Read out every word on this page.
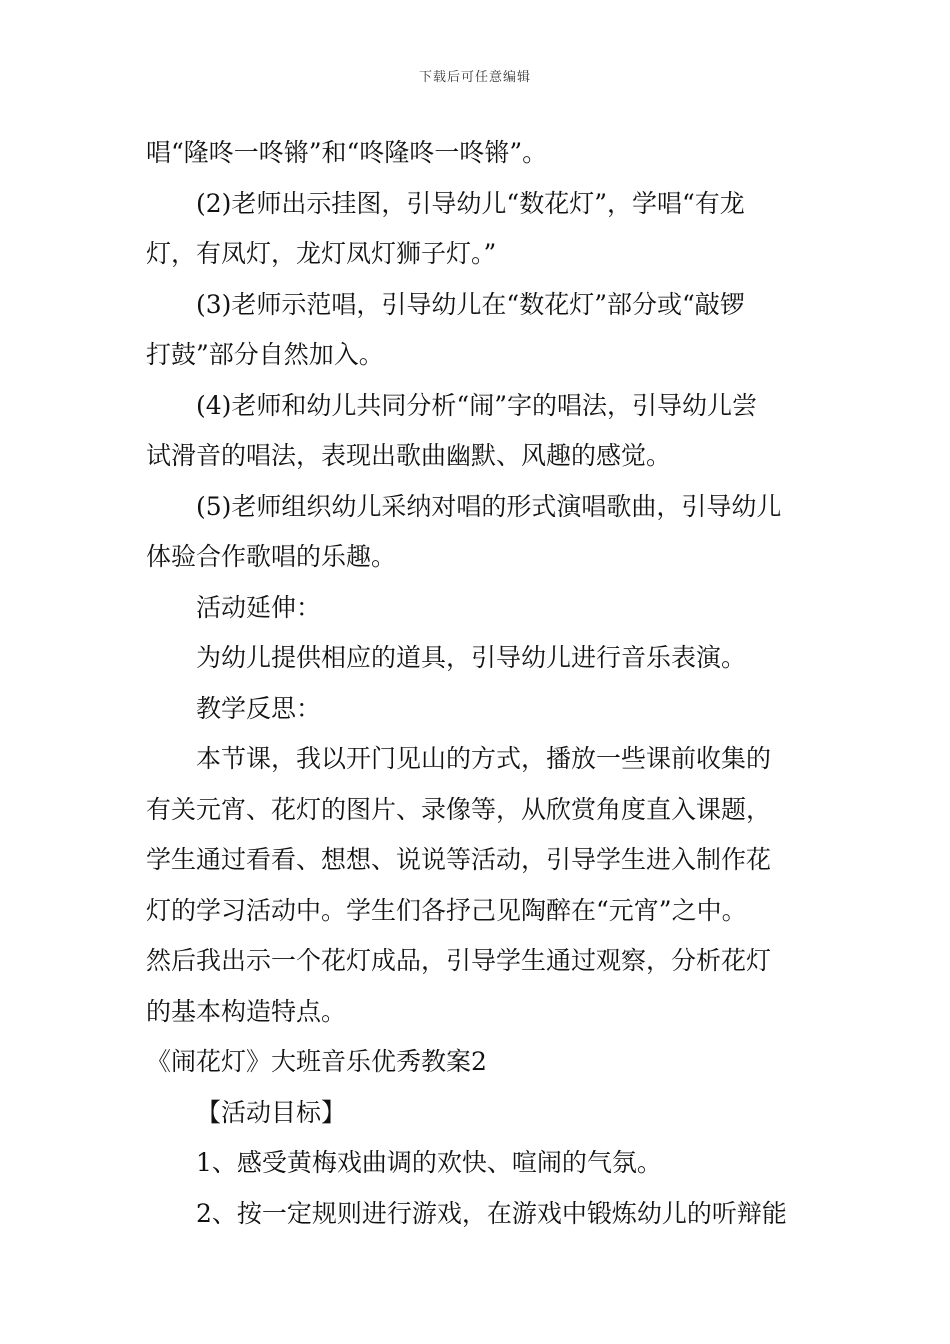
下载后可任意编辑
唱“隆咚一咚锵”和“咚隆咚一咚锵”。
(2)老师出示挂图，引导幼儿“数花灯”，学唱“有龙
灯，有凤灯，龙灯凤灯狮子灯。”
(3)老师示范唱，引导幼儿在“数花灯”部分或“敲锣
打鼓”部分自然加入。
(4)老师和幼儿共同分析“闹”字的唱法，引导幼儿尝
试滑音的唱法，表现出歌曲幽默、风趣的感觉。
(5)老师组织幼儿采纳对唱的形式演唱歌曲，引导幼儿
体验合作歌唱的乐趣。
活动延伸：
为幼儿提供相应的道具，引导幼儿进行音乐表演。
教学反思：
本节课，我以开门见山的方式，播放一些课前收集的
有关元宵、花灯的图片、录像等，从欣赏角度直入课题，
学生通过看看、想想、说说等活动，引导学生进入制作花
灯的学习活动中。学生们各抒己见陶醉在“元宵”之中。
然后我出示一个花灯成品，引导学生通过观察，分析花灯
的基本构造特点。
《闹花灯》大班音乐优秀教案2
【活动目标】
1、感受黄梅戏曲调的欢快、喧闹的气氛。
2、按一定规则进行游戏，在游戏中锻炼幼儿的听辩能
